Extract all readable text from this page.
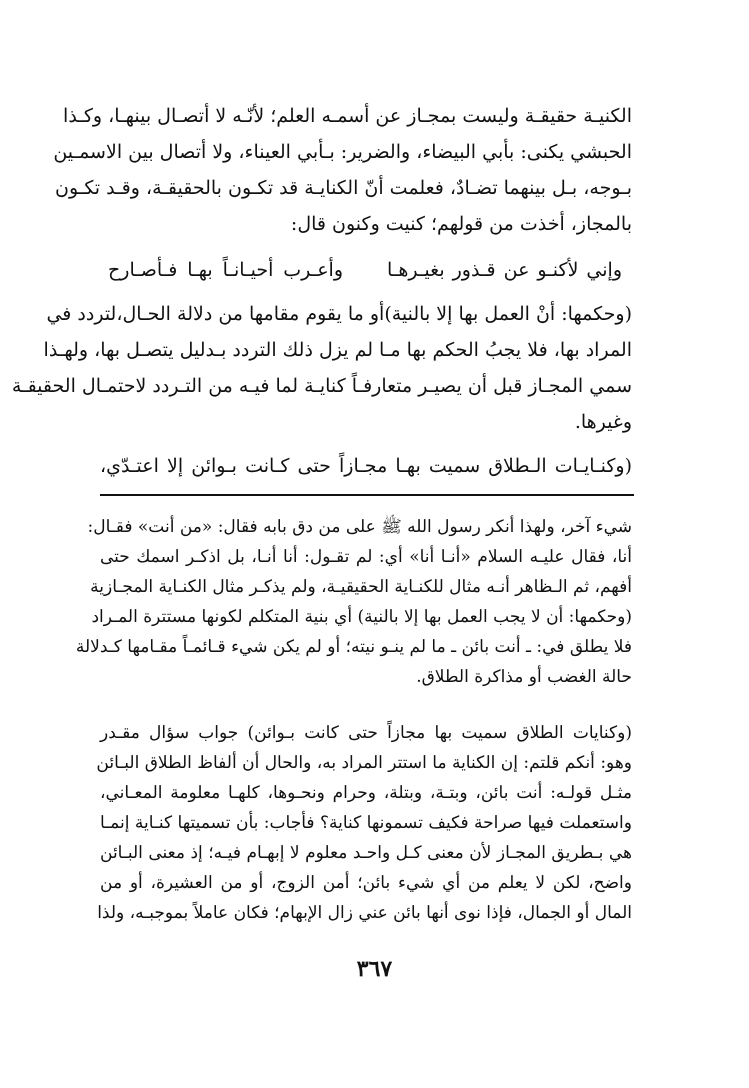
الكنيـة حقيقـة وليست بمجـاز عن أسمـه العلم؛ لأنّـه لا أتصـال بينهـا، وكـذا
الحبشي يكنى: بأبي البيضاء، والضرير: بـأبي العيناء، ولا أتصال بين الاسمـين
بـوجه، بـل بينهما تضـادٌ، فعلمت أنّ الكنايـة قد تكـون بالحقيقـة، وقـد تكـون
بالمجاز، أخذت من قولهم؛ كنيت وكنون قال:
وإني لأكنـو عن قـذور بغيـرهـا
وأعـرب أحيـانـاً بهـا فـأصـارح
(وحكمها: أنْ العمل بها إلا بالنية)أو ما يقوم مقامها من دلالة الحـال،لتردد في
المراد بها، فلا يجبُ الحكم بها مـا لم يزل ذلك التردد بـدليل يتصـل بها، ولهـذا
سمي المجـاز قبل أن يصيـر متعارفـاً كنايـة لما فيـه من التـردد لاحتمـال الحقيقـة
وغيرها.
(وكنـايـات الـطلاق سميت بهـا مجـازاً حتى كـانت بـوائن إلا اعتـدّي،
شيء آخر، ولهذا أنكر رسول الله ﷺ على من دق بابه فقال: «من أنت» فقـال:
أنا، فقال عليـه السلام «أنـا أنا» أي: لم تقـول: أنا أنـا، بل اذكـر اسمك حتى
أفهم، ثم الـظاهر أنـه مثال للكنـاية الحقيقيـة، ولم يذكـر مثال الكنـاية المجـازية
(وحكمها: أن لا يجب العمل بها إلا بالنية) أي بنية المتكلم لكونها مستترة المـراد
فلا يطلق في: ـ أنت بائن ـ ما لم ينـو نيته؛ أو لم يكن شيء قـائمـاً مقـامها كـدلالة
حالة الغضب أو مذاكرة الطلاق.
(وكنايات الطلاق سميت بها مجازاً حتى كانت بـوائن) جواب سؤال مقـدر
وهو: أنكم قلتم: إن الكناية ما استتر المراد به، والحال أن ألفاظ الطلاق البـائن
مثـل قولـه: أنت بائن، وبتـة، وبتلة، وحرام ونحـوها، كلهـا معلومة المعـاني،
واستعملت فيها صراحة فكيف تسمونها كناية؟ فأجاب: بأن تسميتها كنـاية إنمـا
هي بـطريق المجـاز لأن معنى كـل واحـد معلوم لا إبهـام فيـه؛ إذ معنى البـائن
واضح، لكن لا يعلم من أي شيء بائن؛ أمن الزوج، أو من العشيرة، أو من
المال أو الجمال، فإذا نوى أنها بائن عني زال الإبهام؛ فكان عاملاً بموجبـه، ولذا
٣٦٧
